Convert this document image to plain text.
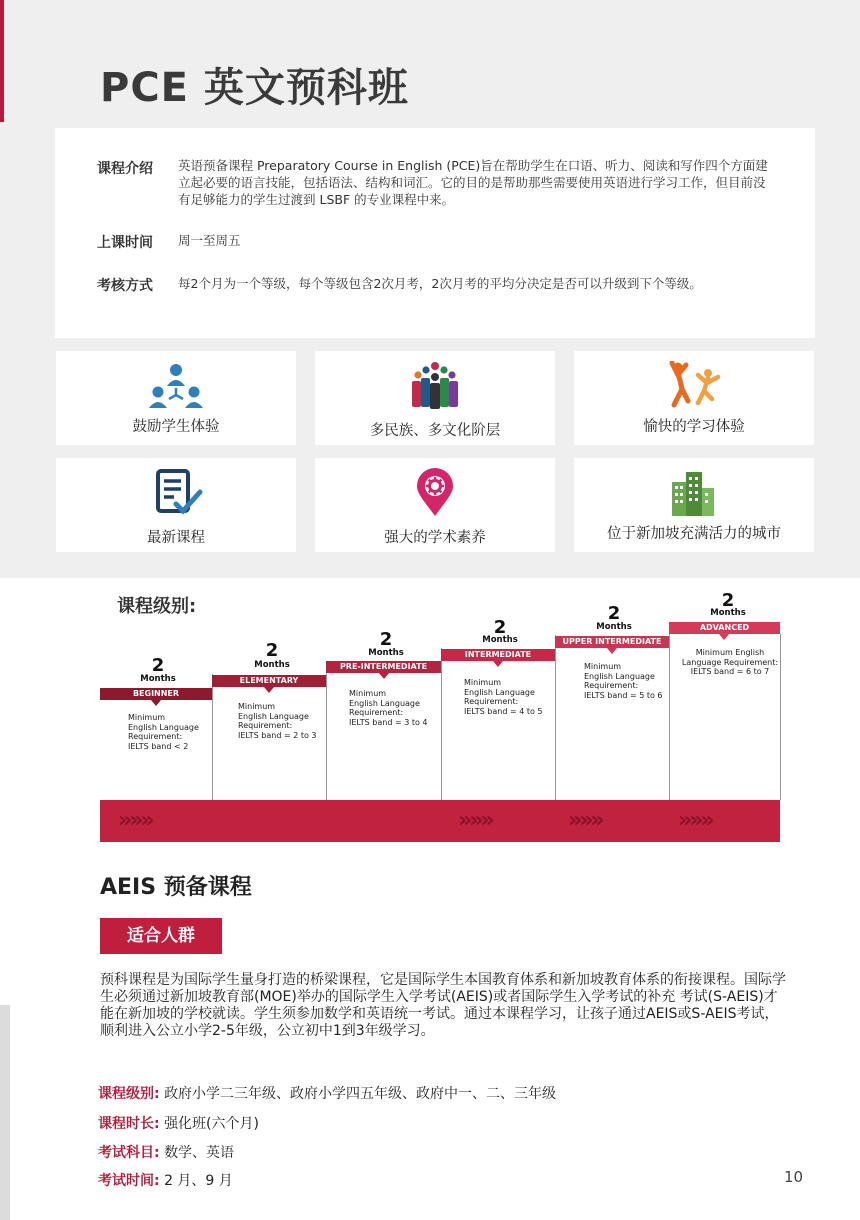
PCE 英文预科班
课程介绍 英语预备课程 Preparatory Course in English (PCE)旨在帮助学生在口语、听力、阅读和写作四个方面建立起必要的语言技能，包括语法、结构和词汇。它的目的是帮助那些需要使用英语进行学习工作，但目前没有足够能力的学生过渡到 LSBF 的专业课程中来。
上课时间 周一至周五
考核方式 每2个月为一个等级，每个等级包含2次月考，2次月考的平均分决定是否可以升级到下个等级。
鼓励学生体验	多民族、多文化阶层	愉快的学习体验
最新课程	强大的学术素养	位于新加坡充满活力的城市
课程级别:
2
Months
BEGINNER
Minimum
English Language
Requirement:
IELTS band < 2
2
Months
ELEMENTARY
Minimum
English Language
Requirement:
IELTS band = 2 to 3
2
Months
PRE-INTERMEDIATE
Minimum
English Language
Requirement:
IELTS band = 3 to 4
2
Months
INTERMEDIATE
Minimum
English Language
Requirement:
IELTS band = 4 to 5
2
Months
UPPER INTERMEDIATE
Minimum
English Language
Requirement:
IELTS band = 5 to 6
2
Months
ADVANCED
Minimum English
Language Requirement:
IELTS band = 6 to 7
»»»	»»»	»»»	»»»
AEIS 预备课程
适合人群
预科课程是为国际学生量身打造的桥梁课程，它是国际学生本国教育体系和新加坡教育体系的衔接课程。国际学生必须通过新加坡教育部(MOE)举办的国际学生入学考试(AEIS)或者国际学生入学考试的补充 考试(S-AEIS)才能在新加坡的学校就读。学生须参加数学和英语统一考试。通过本课程学习，让孩子通过AEIS或S-AEIS考试，顺利进入公立小学2-5年级，公立初中1到3年级学习。
课程级别: 政府小学二三年级、政府小学四五年级、政府中一、二、三年级
课程时长: 强化班(六个月)
考试科目: 数学、英语
考试时间: 2 月、9 月	10
